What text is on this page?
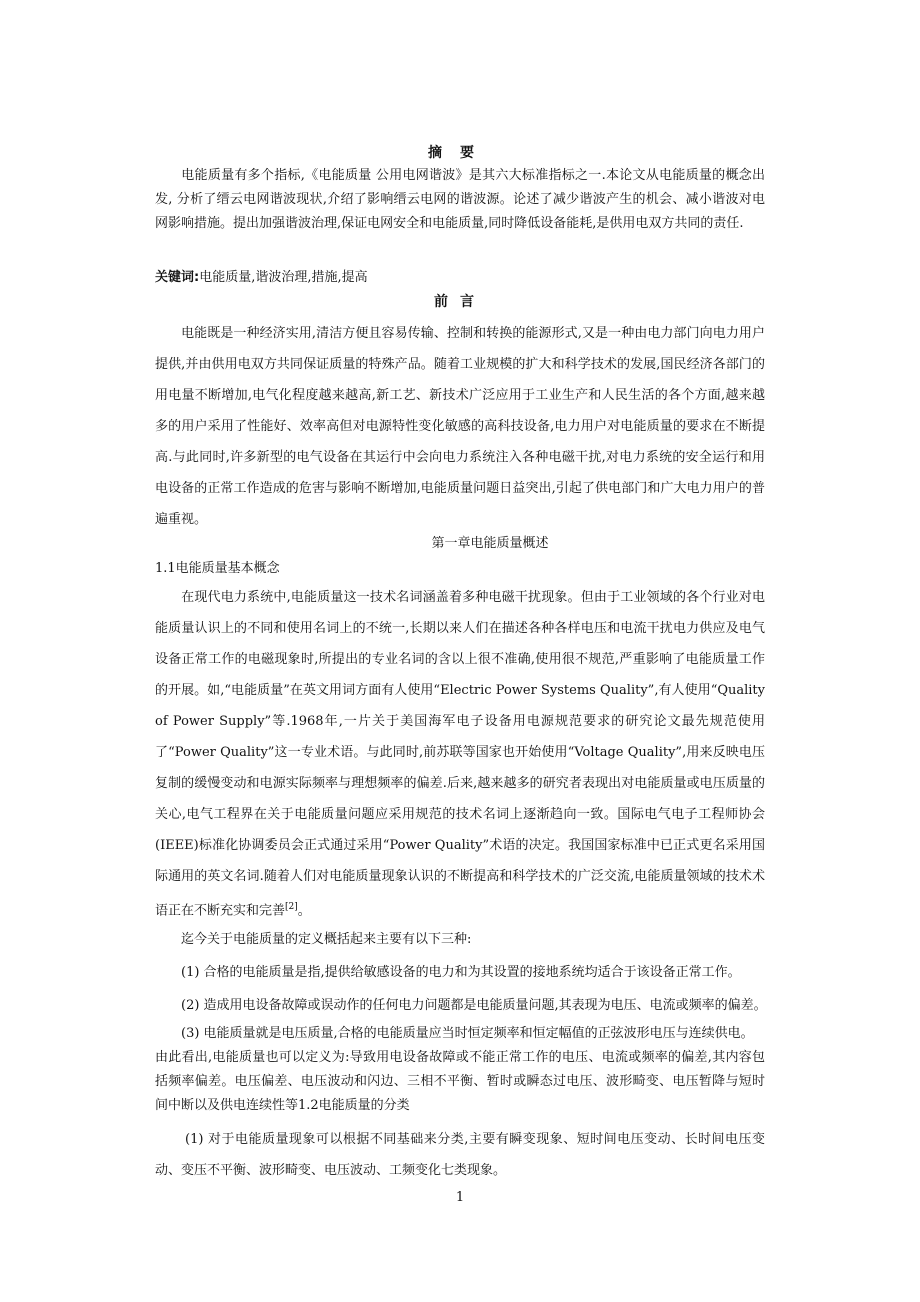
摘要
电能质量有多个指标,《电能质量 公用电网谐波》是其六大标准指标之一.本论文从电能质量的概念出发, 分析了缙云电网谐波现状,介绍了影响缙云电网的谐波源。论述了减少谐波产生的机会、减小谐波对电网影响措施。提出加强谐波治理,保证电网安全和电能质量,同时降低设备能耗,是供用电双方共同的责任.
关键词:电能质量,谐波治理,措施,提高
前言
电能既是一种经济实用,清洁方便且容易传输、控制和转换的能源形式,又是一种由电力部门向电力用户提供,并由供用电双方共同保证质量的特殊产品。随着工业规模的扩大和科学技术的发展,国民经济各部门的用电量不断增加,电气化程度越来越高,新工艺、新技术广泛应用于工业生产和人民生活的各个方面,越来越多的用户采用了性能好、效率高但对电源特性变化敏感的高科技设备,电力用户对电能质量的要求在不断提高.与此同时,许多新型的电气设备在其运行中会向电力系统注入各种电磁干扰,对电力系统的安全运行和用电设备的正常工作造成的危害与影响不断增加,电能质量问题日益突出,引起了供电部门和广大电力用户的普遍重视。
第一章电能质量概述
1.1电能质量基本概念
在现代电力系统中,电能质量这一技术名词涵盖着多种电磁干扰现象。但由于工业领域的各个行业对电能质量认识上的不同和使用名词上的不统一,长期以来人们在描述各种各样电压和电流干扰电力供应及电气设备正常工作的电磁现象时,所提出的专业名词的含以上很不准确,使用很不规范,严重影响了电能质量工作的开展。如,“电能质量”在英文用词方面有人使用“Electric Power Systems Quality”,有人使用“Quality of Power Supply”等.1968年,一片关于美国海军电子设备用电源规范要求的研究论文最先规范使用了“Power Quality”这一专业术语。与此同时,前苏联等国家也开始使用“Voltage Quality”,用来反映电压复制的缓慢变动和电源实际频率与理想频率的偏差.后来,越来越多的研究者表现出对电能质量或电压质量的关心,电气工程界在关于电能质量问题应采用规范的技术名词上逐渐趋向一致。国际电气电子工程师协会(IEEE)标准化协调委员会正式通过采用“Power Quality”术语的决定。我国国家标准中已正式更名采用国际通用的英文名词.随着人们对电能质量现象认识的不断提高和科学技术的广泛交流,电能质量领域的技术术语正在不断充实和完善[2]。
迄今关于电能质量的定义概括起来主要有以下三种:
(1) 合格的电能质量是指,提供给敏感设备的电力和为其设置的接地系统均适合于该设备正常工作。
(2) 造成用电设备故障或误动作的任何电力问题都是电能质量问题,其表现为电压、电流或频率的偏差。
(3) 电能质量就是电压质量,合格的电能质量应当时恒定频率和恒定幅值的正弦波形电压与连续供电。
由此看出,电能质量也可以定义为:导致用电设备故障或不能正常工作的电压、电流或频率的偏差,其内容包括频率偏差。电压偏差、电压波动和闪边、三相不平衡、暂时或瞬态过电压、波形畸变、电压暂降与短时间中断以及供电连续性等1.2电能质量的分类
(1) 对于电能质量现象可以根据不同基础来分类,主要有瞬变现象、短时间电压变动、长时间电压变动、变压不平衡、波形畸变、电压波动、工频变化七类现象。
1
